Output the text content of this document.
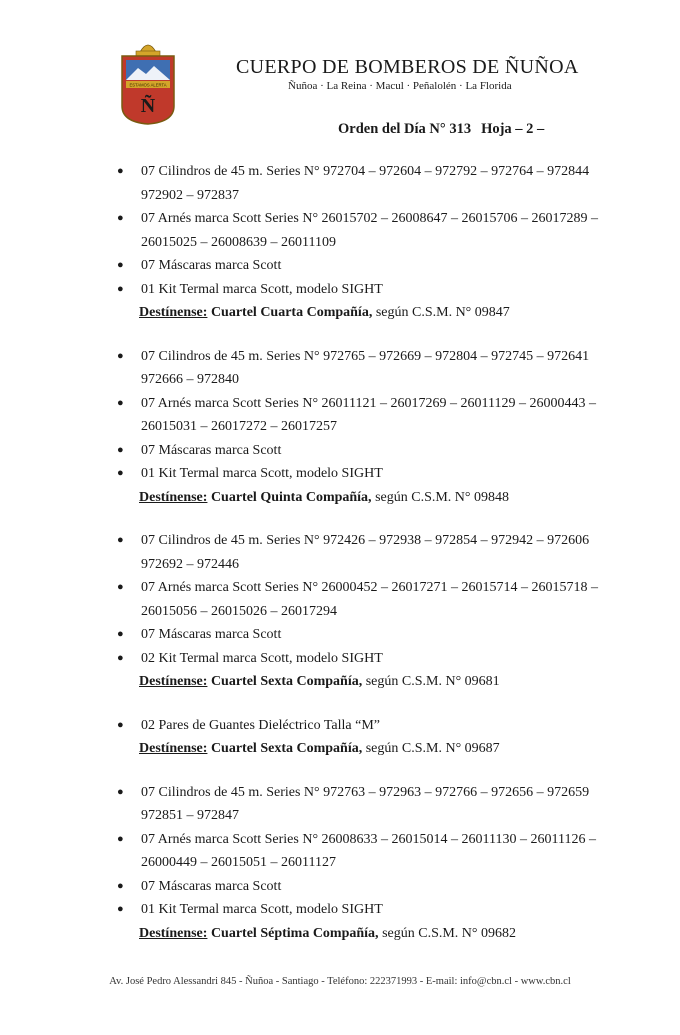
ESTAMOS ALERTA
Ñ
CUERPO DE BOMBEROS DE ÑUÑOA
Ñuñoa · La Reina · Macul · Peñalolén · La Florida
Orden del Día N° 313 Hoja – 2 –
● 07 Cilindros de 45 m. Series N° 972704 – 972604 – 972792 – 972764 – 972844 972902 – 972837
● 07 Arnés marca Scott Series N° 26015702 – 26008647 – 26015706 – 26017289 – 26015025 – 26008639 – 26011109
● 07 Máscaras marca Scott
● 01 Kit Termal marca Scott, modelo SIGHT
Destínense: Cuartel Cuarta Compañía, según C.S.M. N° 09847
● 07 Cilindros de 45 m. Series N° 972765 – 972669 – 972804 – 972745 – 972641 972666 – 972840
● 07 Arnés marca Scott Series N° 26011121 – 26017269 – 26011129 – 26000443 – 26015031 – 26017272 – 26017257
● 07 Máscaras marca Scott
● 01 Kit Termal marca Scott, modelo SIGHT
Destínense: Cuartel Quinta Compañía, según C.S.M. N° 09848
● 07 Cilindros de 45 m. Series N° 972426 – 972938 – 972854 – 972942 – 972606 972692 – 972446
● 07 Arnés marca Scott Series N° 26000452 – 26017271 – 26015714 – 26015718 – 26015056 – 26015026 – 26017294
● 07 Máscaras marca Scott
● 02 Kit Termal marca Scott, modelo SIGHT
Destínense: Cuartel Sexta Compañía, según C.S.M. N° 09681
● 02 Pares de Guantes Dieléctrico Talla “M”
Destínense: Cuartel Sexta Compañía, según C.S.M. N° 09687
● 07 Cilindros de 45 m. Series N° 972763 – 972963 – 972766 – 972656 – 972659 972851 – 972847
● 07 Arnés marca Scott Series N° 26008633 – 26015014 – 26011130 – 26011126 – 26000449 – 26015051 – 26011127
● 07 Máscaras marca Scott
● 01 Kit Termal marca Scott, modelo SIGHT
Destínense: Cuartel Séptima Compañía, según C.S.M. N° 09682
Av. José Pedro Alessandri 845 - Ñuñoa - Santiago - Teléfono: 222371993 - E-mail: info@cbn.cl - www.cbn.cl
